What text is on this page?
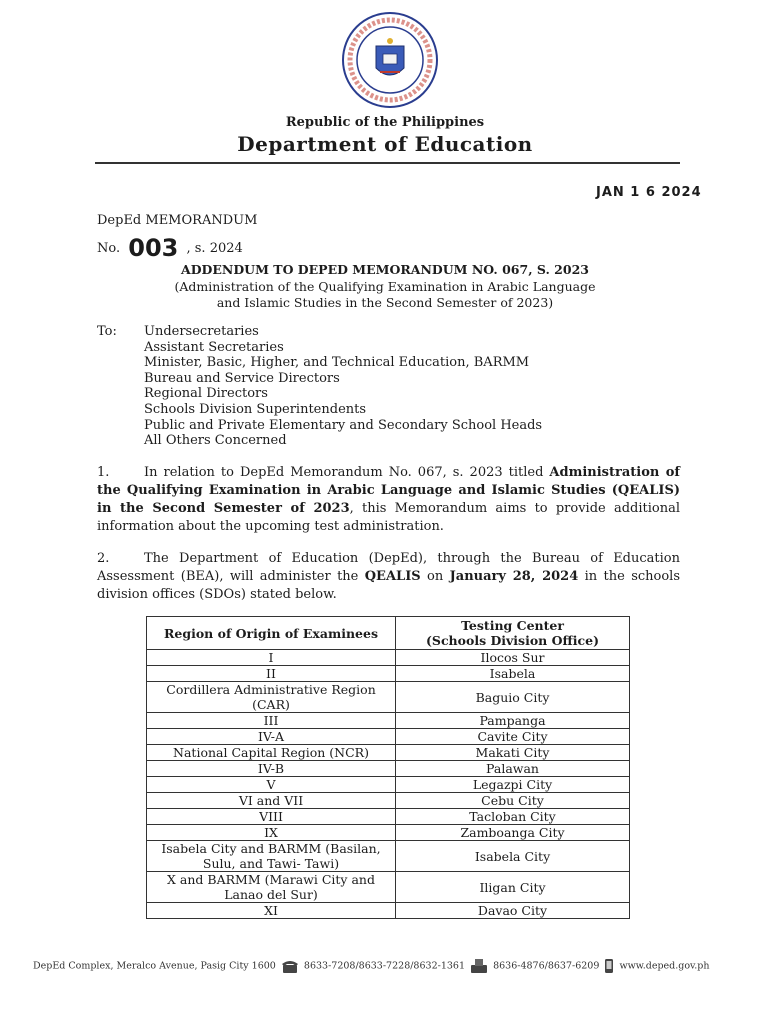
Republic of the Philippines
Department of Education
JAN 1 6 2024
DepEd MEMORANDUM
No. 003 , s. 2024
ADDENDUM TO DEPED MEMORANDUM NO. 067, S. 2023
(Administration of the Qualifying Examination in Arabic Language
and Islamic Studies in the Second Semester of 2023)
To: Undersecretaries
Assistant Secretaries
Minister, Basic, Higher, and Technical Education, BARMM
Bureau and Service Directors
Regional Directors
Schools Division Superintendents
Public and Private Elementary and Secondary School Heads
All Others Concerned

1.	In relation to DepEd Memorandum No. 067, s. 2023 titled Administration of the Qualifying Examination in Arabic Language and Islamic Studies (QEALIS) in the Second Semester of 2023, this Memorandum aims to provide additional information about the upcoming test administration.

2.	The Department of Education (DepEd), through the Bureau of Education Assessment (BEA), will administer the QEALIS on January 28, 2024 in the schools division offices (SDOs) stated below.

Region of Origin of Examinees	Testing Center
(Schools Division Office)

I	Ilocos Sur
II	Isabela
Cordillera Administrative Region (CAR)	Baguio City
III	Pampanga
IV-A	Cavite City
National Capital Region (NCR)	Makati City
IV-B	Palawan
V	Legazpi City
VI and VII	Cebu City
VIII	Tacloban City
IX	Zamboanga City
Isabela City and BARMM (Basilan, Sulu, and Tawi- Tawi)	Isabela City
X and BARMM (Marawi City and Lanao del Sur)	Iligan City
XI	Davao City
DepEd Complex, Meralco Avenue, Pasig City 1600	8633-7208/8633-7228/8632-1361	8636-4876/8637-6209 www.deped.gov.ph
